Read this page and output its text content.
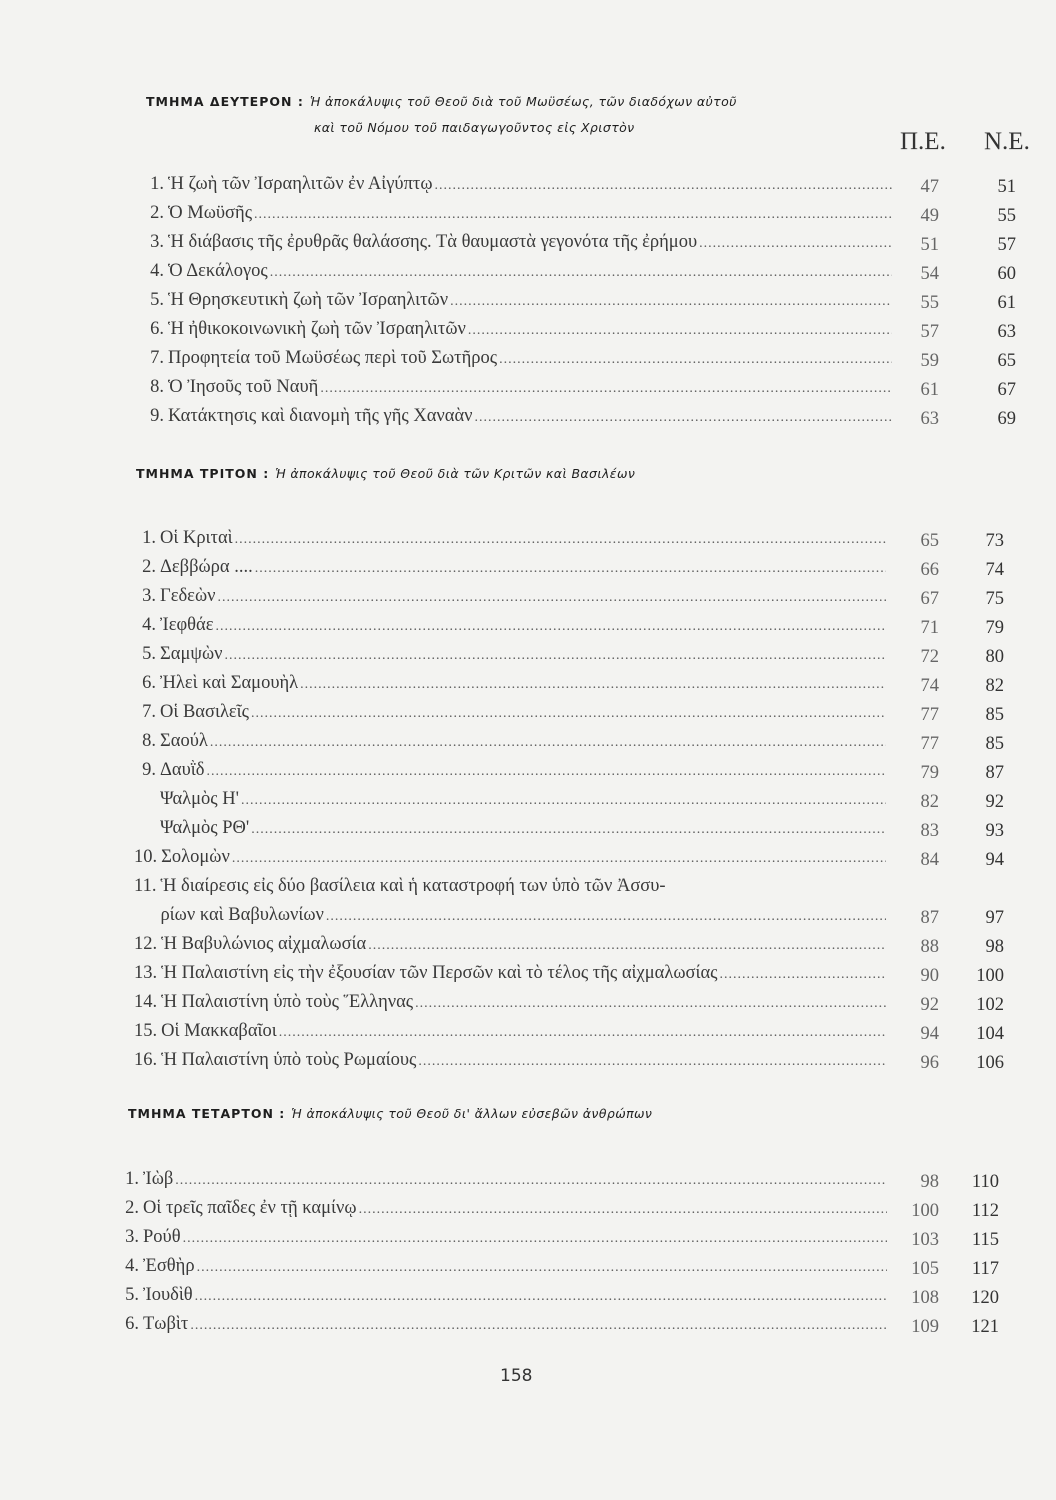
ΤΜΗΜΑ ΔΕΥΤΕΡΟΝ : Ἡ ἀποκάλυψις τοῦ Θεοῦ διὰ τοῦ Μωϋσέως, τῶν διαδόχων αὐτοῦ
καὶ τοῦ Νόμου τοῦ παιδαγωγοῦντος εἰς Χριστὸν
Π.Ε. Ν.Ε.
1. Ἡ ζωὴ τῶν Ἰσραηλιτῶν ἐν Αἰγύπτῳ .....	47	51
2. Ὁ Μωϋσῆς .....	49	55
3. Ἡ διάβασις τῆς ἐρυθρᾶς θαλάσσης. Τὰ θαυμαστὰ γεγονότα τῆς ἐρήμου .....	51	57
4. Ὁ Δεκάλογος .....	54	60
5. Ἡ Θρησκευτικὴ ζωὴ τῶν Ἰσραηλιτῶν .....	55	61
6. Ἡ ἠθικοκοινωνικὴ ζωὴ τῶν Ἰσραηλιτῶν .....	57	63
7. Προφητεία τοῦ Μωϋσέως περὶ τοῦ Σωτῆρος .....	59	65
8. Ὁ Ἰησοῦς τοῦ Ναυῆ .....	61	67
9. Κατάκτησις καὶ διανομὴ τῆς γῆς Χαναὰν .....	63	69
ΤΜΗΜΑ ΤΡΙΤΟΝ : Ἡ ἀποκάλυψις τοῦ Θεοῦ διὰ τῶν Κριτῶν καὶ Βασιλέων
1. Οἱ Κριταὶ .....	65	73
2. Δεββώρα .... .....	66	74
3. Γεδεὼν .....	67	75
4. Ἰεφθάε .....	71	79
5. Σαμψὼν .....	72	80
6. Ἠλεὶ καὶ Σαμουὴλ .....	74	82
7. Οἱ Βασιλεῖς .....	77	85
8. Σαούλ .....	77	85
9. Δαυῒδ .....	79	87
Ψαλμὸς Η' .....	82	92
Ψαλμὸς ΡΘ' .....	83	93
10. Σολομὼν .....	84	94
11. Ἡ διαίρεσις εἰς δύο βασίλεια καὶ ἡ καταστροφή των ὑπὸ τῶν Ἀσσυ-
ρίων καὶ Βαβυλωνίων .....	87	97
12. Ἡ Βαβυλώνιος αἰχμαλωσία .....	88	98
13. Ἡ Παλαιστίνη εἰς τὴν ἐξουσίαν τῶν Περσῶν καὶ τὸ τέλος τῆς αἰχμαλωσίας .....	90	100
14. Ἡ Παλαιστίνη ὑπὸ τοὺς Ἕλληνας .....	92	102
15. Οἱ Μακκαβαῖοι .....	94	104
16. Ἡ Παλαιστίνη ὑπὸ τοὺς Ρωμαίους .....	96	106
ΤΜΗΜΑ ΤΕΤΑΡΤΟΝ : Ἡ ἀποκάλυψις τοῦ Θεοῦ δι' ἄλλων εὐσεβῶν ἀνθρώπων
1. Ἰὼβ .....	98	110
2. Οἱ τρεῖς παῖδες ἐν τῇ καμίνῳ .....	100	112
3. Ρούθ .....	103	115
4. Ἐσθὴρ .....	105	117
5. Ἰουδὶθ .....	108	120
6. Τωβὶτ .....	109	121
158
